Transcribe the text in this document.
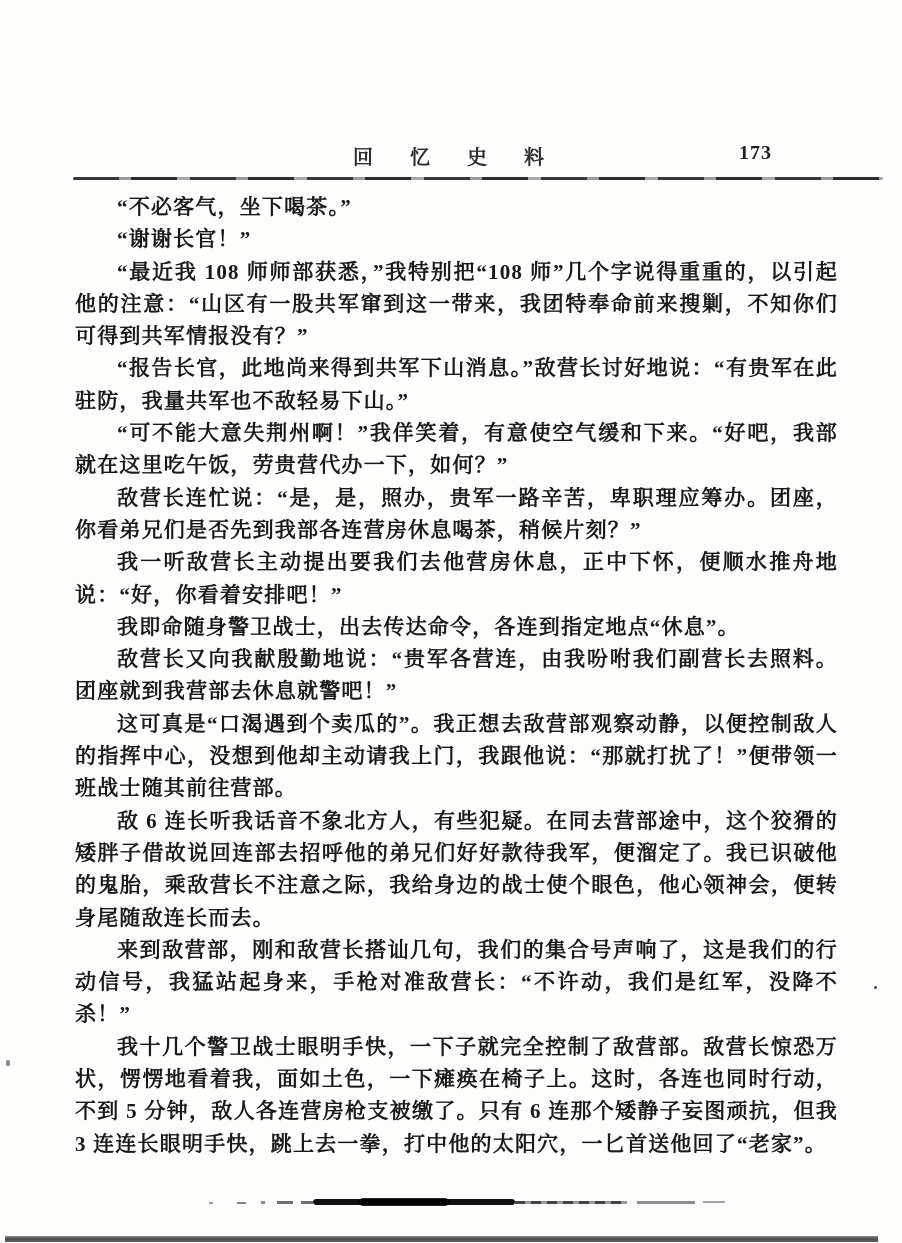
回 忆 史 料	173

“不必客气，坐下喝茶。”

“谢谢长官！”

“最近我 108 师师部获悉，”我特别把“108 师”几个字说得重重的，以引起他的注意：“山区有一股共军窜到这一带来，我团特奉命前来搜剿，不知你们可得到共军情报没有？”

“报告长官，此地尚来得到共军下山消息。”敌营长讨好地说：“有贵军在此驻防，我量共军也不敌轻易下山。”

“可不能大意失荆州啊！”我佯笑着，有意使空气缓和下来。“好吧，我部就在这里吃午饭，劳贵营代办一下，如何？”

敌营长连忙说：“是，是，照办，贵军一路辛苦，卑职理应筹办。团座，你看弟兄们是否先到我部各连营房休息喝茶，稍候片刻？”

我一听敌营长主动提出要我们去他营房休息，正中下怀，便顺水推舟地说：“好，你看着安排吧！”

我即命随身警卫战士，出去传达命令，各连到指定地点“休息”。

敌营长又向我献殷勤地说：“贵军各营连，由我吩咐我们副营长去照料。团座就到我营部去休息就警吧！”

这可真是“口渴遇到个卖瓜的”。我正想去敌营部观察动静，以便控制敌人的指挥中心，没想到他却主动请我上门，我跟他说：“那就打扰了！”便带领一班战士随其前往营部。

敌 6 连长听我话音不象北方人，有些犯疑。在同去营部途中，这个狡猾的矮胖子借故说回连部去招呼他的弟兄们好好款待我军，便溜定了。我已识破他的鬼胎，乘敌营长不注意之际，我给身边的战士使个眼色，他心领神会，便转身尾随敌连长而去。

来到敌营部，刚和敌营长搭讪几句，我们的集合号声响了，这是我们的行动信号，我猛站起身来，手枪对准敌营长：“不许动，我们是红军，没降不杀！”

我十几个警卫战士眼明手快，一下子就完全控制了敌营部。敌营长惊恐万状，愣愣地看着我，面如土色，一下瘫痪在椅子上。这时，各连也同时行动，不到 5 分钟，敌人各连营房枪支被缴了。只有 6 连那个矮静子妄图顽抗，但我 3 连连长眼明手快，跳上去一拳，打中他的太阳穴，一匕首送他回了“老家”。
